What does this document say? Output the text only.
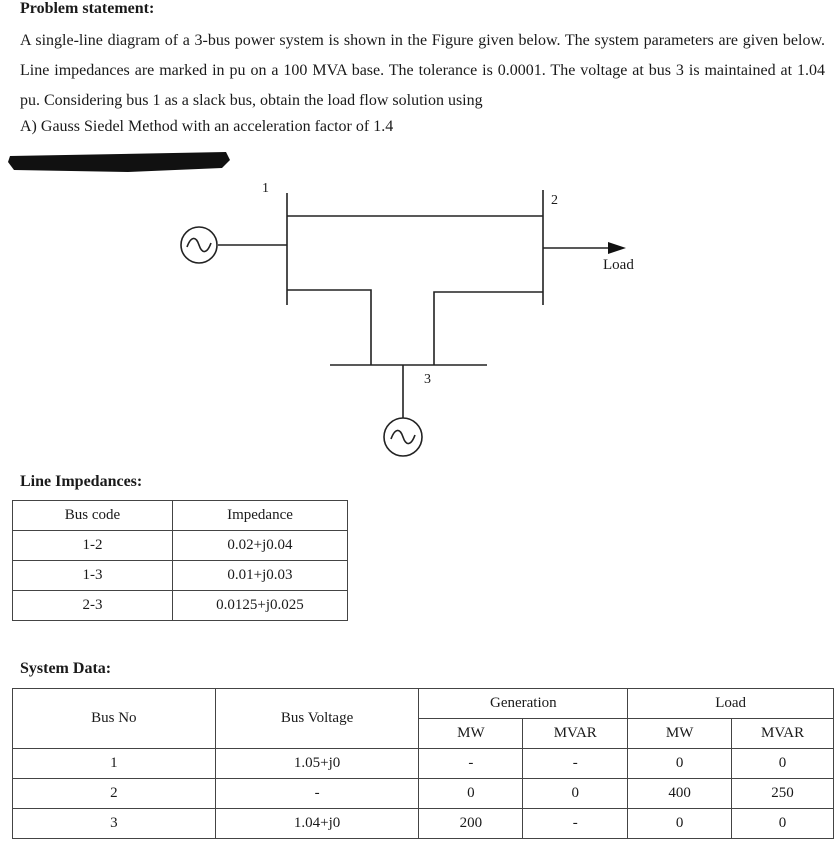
Problem statement:
A single-line diagram of a 3-bus power system is shown in the Figure given below. The system parameters are given below. Line impedances are marked in pu on a 100 MVA base. The tolerance is 0.0001. The voltage at bus 3 is maintained at 1.04 pu. Considering bus 1 as a slack bus, obtain the load flow solution using
A) Gauss Siedel Method with an acceleration factor of 1.4
1
2
3
Load
Line Impedances:
Bus code	Impedance
1-2	0.02+j0.04
1-3	0.01+j0.03
2-3	0.0125+j0.025
System Data:
Bus No	Bus Voltage	Generation		Load	
		MW	MVAR	MW	MVAR
1	1.05+j0	-	-	0	0
2	-	0	0	400	250
3	1.04+j0	200	-	0	0
